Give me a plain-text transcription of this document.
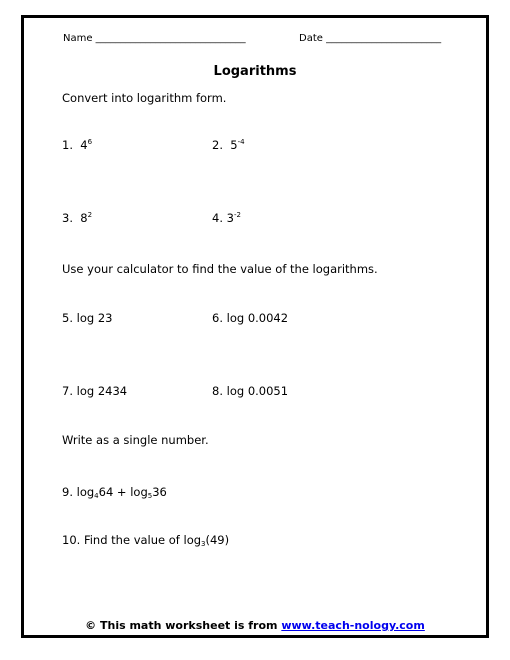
Name ______________________________	Date _______________________
Logarithms
Convert into logarithm form.
1. $4^6$	2. $5^{-4}$
3. $8^2$	4. $3^{-2}$
Use your calculator to find the value of the logarithms.
5. log 23	6. log 0.0042
7. log 2434	8. log 0.0051
Write as a single number.
9. $\log_464 + \log_536$
10. Find the value of $\log_3(49)$
© This math worksheet is from www.teach-nology.com
